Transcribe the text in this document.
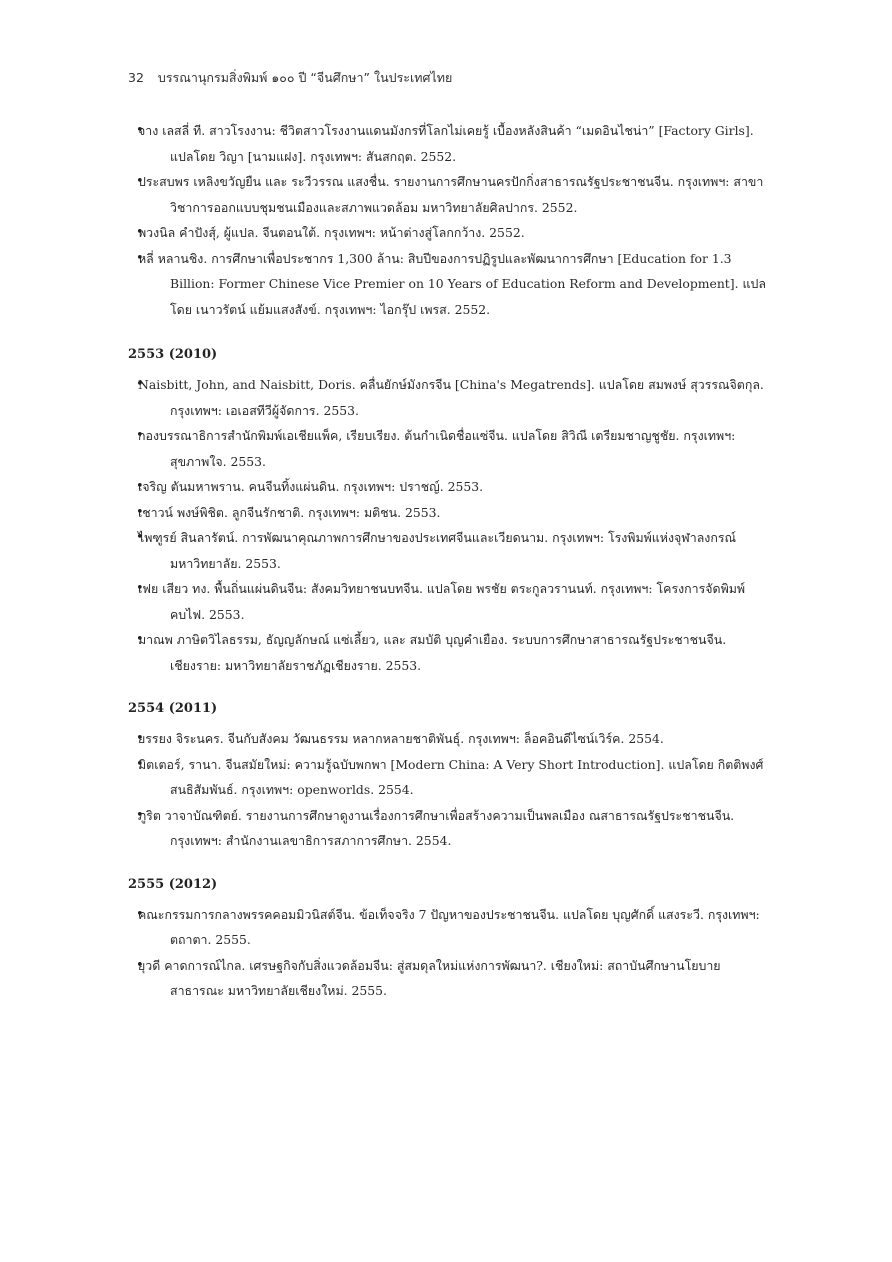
32 บรรณานุกรมสิ่งพิมพ์ ๑๐๐ ปี “จีนศึกษา” ในประเทศไทย
• จาง เลสลี่ ที. สาวโรงงาน: ชีวิตสาวโรงงานแดนมังกรที่โลกไม่เคยรู้ เบื้องหลังสินค้า “เมดอินไชน่า” [Factory Girls]. แปลโดย วิญา [นามแฝง]. กรุงเทพฯ: สันสกฤต. 2552.
• ประสบพร เหลิงขวัญยืน และ ระวีวรรณ แสงชื่น. รายงานการศึกษานครปักกิ่งสาธารณรัฐประชาชนจีน. กรุงเทพฯ: สาขาวิชาการออกแบบชุมชนเมืองและสภาพแวดล้อม มหาวิทยาลัยศิลปากร. 2552.
• พวงนิล คำปังสุ์, ผู้แปล. จีนตอนใต้. กรุงเทพฯ: หน้าต่างสู่โลกกว้าง. 2552.
• หลี่ หลานชิง. การศึกษาเพื่อประชากร 1,300 ล้าน: สิบปีของการปฏิรูปและพัฒนาการศึกษา [Education for 1.3 Billion: Former Chinese Vice Premier on 10 Years of Education Reform and Development]. แปลโดย เนาวรัตน์ แย้มแสงสังข์. กรุงเทพฯ: ไอกรุ๊ป เพรส. 2552.
2553 (2010)
• Naisbitt, John, and Naisbitt, Doris. คลื่นยักษ์มังกรจีน [China's Megatrends]. แปลโดย สมพงษ์ สุวรรณจิตกุล. กรุงเทพฯ: เอเอสทีวีผู้จัดการ. 2553.
• กองบรรณาธิการสำนักพิมพ์เอเชียแพ็ค, เรียบเรียง. ต้นกำเนิดชื่อแซ่จีน. แปลโดย สิวิณี เตรียมชาญชูชัย. กรุงเทพฯ: สุขภาพใจ. 2553.
• เจริญ ตันมหาพราน. คนจีนทิ้งแผ่นดิน. กรุงเทพฯ: ปราชญ์. 2553.
• เชาวน์ พงษ์พิชิต. ลูกจีนรักชาติ. กรุงเทพฯ: มติชน. 2553.
• ไพฑูรย์ สินลารัตน์. การพัฒนาคุณภาพการศึกษาของประเทศจีนและเวียดนาม. กรุงเทพฯ: โรงพิมพ์แห่งจุฬาลงกรณ์มหาวิทยาลัย. 2553.
• เฟย เสียว ทง. พื้นถิ่นแผ่นดินจีน: สังคมวิทยาชนบทจีน. แปลโดย พรชัย ตระกูลวรานนท์. กรุงเทพฯ: โครงการจัดพิมพ์คบไฟ. 2553.
• มาณพ ภาษิตวิไลธรรม, ธัญญลักษณ์ แซ่เลี้ยว, และ สมบัติ บุญคำเยือง. ระบบการศึกษาสาธารณรัฐประชาชนจีน. เชียงราย: มหาวิทยาลัยราชภัฏเชียงราย. 2553.
2554 (2011)
• ยรรยง จิระนคร. จีนกับสังคม วัฒนธรรม หลากหลายชาติพันธุ์. กรุงเทพฯ: ล็อคอินดีไซน์เวิร์ค. 2554.
• มิตเตอร์, รานา. จีนสมัยใหม่: ความรู้ฉบับพกพา [Modern China: A Very Short Introduction]. แปลโดย กิตติพงศ์ สนธิสัมพันธ์. กรุงเทพฯ: openworlds. 2554.
• ภูริต วาจาบัณฑิตย์. รายงานการศึกษาดูงานเรื่องการศึกษาเพื่อสร้างความเป็นพลเมือง ณสาธารณรัฐประชาชนจีน. กรุงเทพฯ: สำนักงานเลขาธิการสภาการศึกษา. 2554.
2555 (2012)
• คณะกรรมการกลางพรรคคอมมิวนิสต์จีน. ข้อเท็จจริง 7 ปัญหาของประชาชนจีน. แปลโดย บุญศักดิ์ แสงระวี. กรุงเทพฯ: ตถาตา. 2555.
• ยุวดี คาดการณ์ไกล. เศรษฐกิจกับสิ่งแวดล้อมจีน: สู่สมดุลใหม่แห่งการพัฒนา?. เชียงใหม่: สถาบันศึกษานโยบายสาธารณะ มหาวิทยาลัยเชียงใหม่. 2555.
